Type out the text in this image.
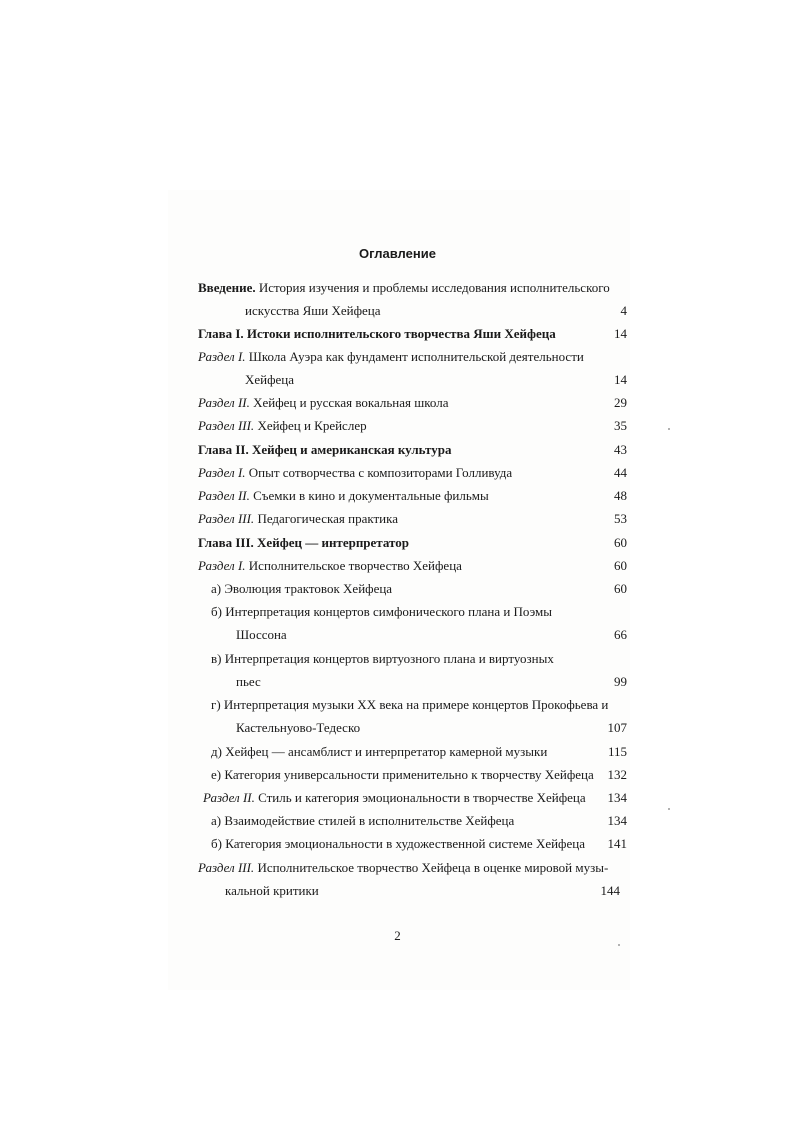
Оглавление
Введение. История изучения и проблемы исследования исполнительского
искусства Яши Хейфеца	4
Глава I. Истоки исполнительского творчества Яши Хейфеца	14
Раздел I. Школа Ауэра как фундамент исполнительской деятельности
Хейфеца	14
Раздел II. Хейфец и русская вокальная школа	29
Раздел III. Хейфец и Крейслер	35
Глава II. Хейфец и американская культура	43
Раздел I. Опыт сотворчества с композиторами Голливуда	44
Раздел II. Съемки в кино и документальные фильмы	48
Раздел III. Педагогическая практика	53
Глава III. Хейфец — интерпретатор	60
Раздел I. Исполнительское творчество Хейфеца	60
а) Эволюция трактовок Хейфеца	60
б) Интерпретация концертов симфонического плана и Поэмы
Шоссона	66
в) Интерпретация концертов виртуозного плана и виртуозных
пьес	99
г) Интерпретация музыки XX века на примере концертов Прокофьева и
Кастельнуово-Тедеско	107
д) Хейфец — ансамблист и интерпретатор камерной музыки	115
е) Категория универсальности применительно к творчеству Хейфеца	132
Раздел II. Стиль и категория эмоциональности в творчестве Хейфеца	134
а) Взаимодействие стилей в исполнительстве Хейфеца	134
б) Категория эмоциональности в художественной системе Хейфеца	141
Раздел III. Исполнительское творчество Хейфеца в оценке мировой музы-
кальной критики	144
2
